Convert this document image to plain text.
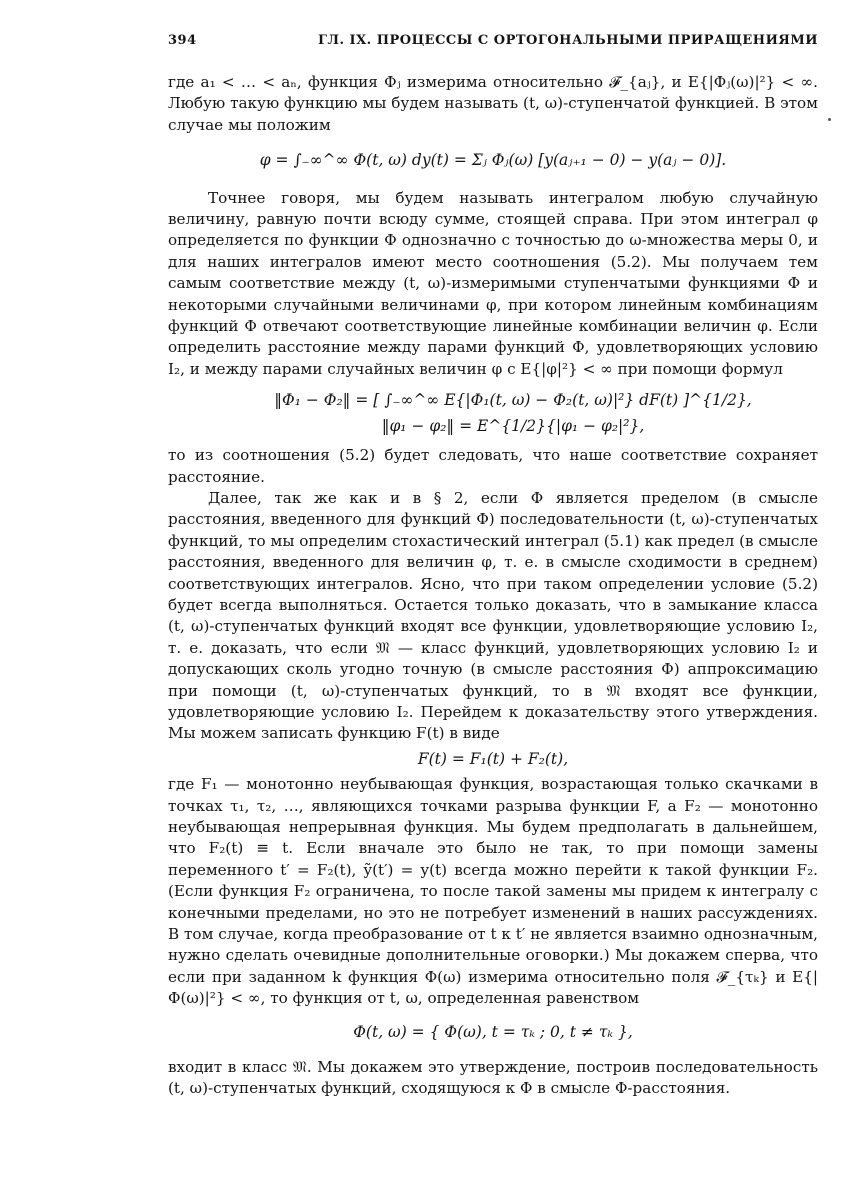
394	ГЛ. IX. ПРОЦЕССЫ С ОРТОГОНАЛЬНЫМИ ПРИРАЩЕНИЯМИ

где a₁ < … < aₙ, функция Φⱼ измерима относительно 𝓕_{aⱼ}, и E{|Φⱼ(ω)|²} < ∞. Любую такую функцию мы будем называть (t, ω)-ступенчатой функцией. В этом случае мы положим

φ = ∫₋∞^∞ Φ(t, ω) dy(t) = Σⱼ Φⱼ(ω) [y(aⱼ₊₁ − 0) − y(aⱼ − 0)].

Точнее говоря, мы будем называть интегралом любую случайную величину, равную почти всюду сумме, стоящей справа. При этом интеграл φ определяется по функции Φ однозначно с точностью до ω-множества меры 0, и для наших интегралов имеют место соотношения (5.2). Мы получаем тем самым соответствие между (t, ω)-измеримыми ступенчатыми функциями Φ и некоторыми случайными величинами φ, при котором линейным комбинациям функций Φ отвечают соответствующие линейные комбинации величин φ. Если определить расстояние между парами функций Φ, удовлетворяющих условию I₂, и между парами случайных величин φ с E{|φ|²} < ∞ при помощи формул

‖Φ₁ − Φ₂‖ = [ ∫₋∞^∞ E{|Φ₁(t, ω) − Φ₂(t, ω)|²} dF(t) ]^{1/2},

‖φ₁ − φ₂‖ = E^{1/2}{|φ₁ − φ₂|²},

то из соотношения (5.2) будет следовать, что наше соответствие сохраняет расстояние.

Далее, так же как и в § 2, если Φ является пределом (в смысле расстояния, введенного для функций Φ) последовательности (t, ω)-ступенчатых функций, то мы определим стохастический интеграл (5.1) как предел (в смысле расстояния, введенного для величин φ, т. е. в смысле сходимости в среднем) соответствующих интегралов. Ясно, что при таком определении условие (5.2) будет всегда выполняться. Остается только доказать, что в замыкание класса (t, ω)-ступенчатых функций входят все функции, удовлетворяющие условию I₂, т. е. доказать, что если 𝔐 — класс функций, удовлетворяющих условию I₂ и допускающих сколь угодно точную (в смысле расстояния Φ) аппроксимацию при помощи (t, ω)-ступенчатых функций, то в 𝔐 входят все функции, удовлетворяющие условию I₂. Перейдем к доказательству этого утверждения. Мы можем записать функцию F(t) в виде

F(t) = F₁(t) + F₂(t),

где F₁ — монотонно неубывающая функция, возрастающая только скачками в точках τ₁, τ₂, …, являющихся точками разрыва функции F, а F₂ — монотонно неубывающая непрерывная функция. Мы будем предполагать в дальнейшем, что F₂(t) ≡ t. Если вначале это было не так, то при помощи замены переменного t′ = F₂(t), ỹ(t′) = y(t) всегда можно перейти к такой функции F₂. (Если функция F₂ ограничена, то после такой замены мы придем к интегралу с конечными пределами, но это не потребует изменений в наших рассуждениях. В том случае, когда преобразование от t к t′ не является взаимно однозначным, нужно сделать очевидные дополнительные оговорки.) Мы докажем сперва, что если при заданном k функция Φ(ω) измерима относительно поля 𝓕_{τₖ} и E{|Φ(ω)|²} < ∞, то функция от t, ω, определенная равенством

Φ(t, ω) = { Φ(ω), t = τₖ ; 0, t ≠ τₖ },

входит в класс 𝔐. Мы докажем это утверждение, построив последовательность (t, ω)-ступенчатых функций, сходящуюся к Φ в смысле Φ-расстояния.
